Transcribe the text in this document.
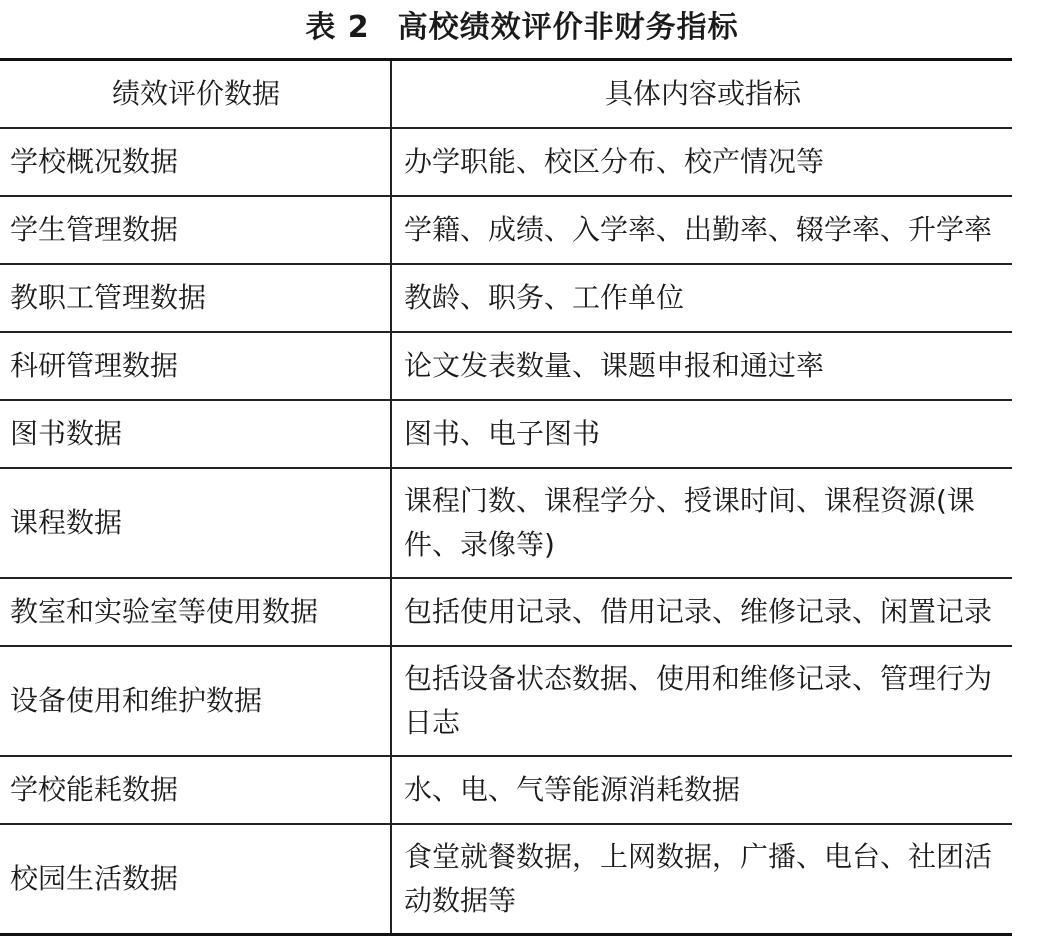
表 2 高校绩效评价非财务指标
绩效评价数据	具体内容或指标
学校概况数据	办学职能、校区分布、校产情况等
学生管理数据	学籍、成绩、入学率、出勤率、辍学率、升学率
教职工管理数据	教龄、职务、工作单位
科研管理数据	论文发表数量、课题申报和通过率
图书数据	图书、电子图书
课程数据	课程门数、课程学分、授课时间、课程资源(课件、录像等)
教室和实验室等使用数据	包括使用记录、借用记录、维修记录、闲置记录
设备使用和维护数据	包括设备状态数据、使用和维修记录、管理行为日志
学校能耗数据	水、电、气等能源消耗数据
校园生活数据	食堂就餐数据，上网数据，广播、电台、社团活动数据等
